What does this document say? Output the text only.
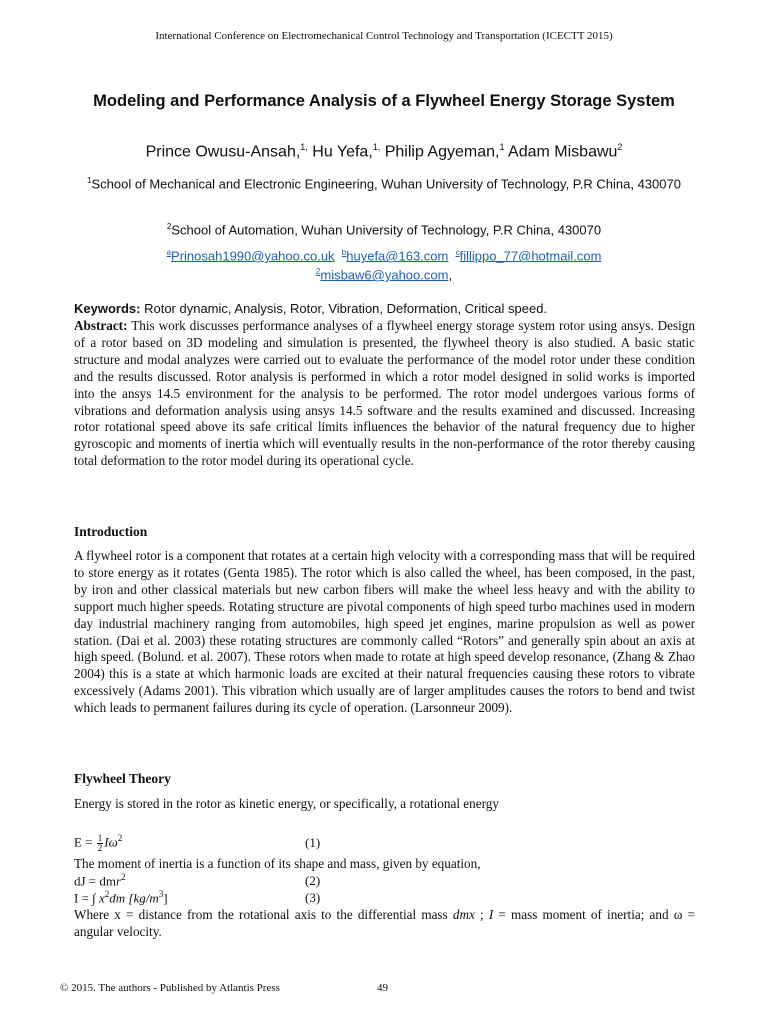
International Conference on Electromechanical Control Technology and Transportation (ICECTT 2015)
Modeling and Performance Analysis of a Flywheel Energy Storage System
Prince Owusu-Ansah,$^{1,}$ Hu Yefa,$^{1,}$ Philip Agyeman,$^1$ Adam Misbawu$^2$
$^1$School of Mechanical and Electronic Engineering, Wuhan University of Technology, P.R China, 430070
$^2$School of Automation, Wuhan University of Technology, P.R China, 430070
$^a$Prinosah1990@yahoo.co.uk $^b$huyefa@163.com $^c$fillippo_77@hotmail.com
$^2$misbaw6@yahoo.com,
Keywords: Rotor dynamic, Analysis, Rotor, Vibration, Deformation, Critical speed.
Abstract: This work discusses performance analyses of a flywheel energy storage system rotor using ansys. Design of a rotor based on 3D modeling and simulation is presented, the flywheel theory is also studied. A basic static structure and modal analyzes were carried out to evaluate the performance of the model rotor under these condition and the results discussed. Rotor analysis is performed in which a rotor model designed in solid works is imported into the ansys 14.5 environment for the analysis to be performed. The rotor model undergoes various forms of vibrations and deformation analysis using ansys 14.5 software and the results examined and discussed. Increasing rotor rotational speed above its safe critical limits influences the behavior of the natural frequency due to higher gyroscopic and moments of inertia which will eventually results in the non-performance of the rotor thereby causing total deformation to the rotor model during its operational cycle.
Introduction
A flywheel rotor is a component that rotates at a certain high velocity with a corresponding mass that will be required to store energy as it rotates (Genta 1985). The rotor which is also called the wheel, has been composed, in the past, by iron and other classical materials but new carbon fibers will make the wheel less heavy and with the ability to support much higher speeds. Rotating structure are pivotal components of high speed turbo machines used in modern day industrial machinery ranging from automobiles, high speed jet engines, marine propulsion as well as power station. (Dai et al. 2003) these rotating structures are commonly called “Rotors” and generally spin about an axis at high speed. (Bolund. et al. 2007). These rotors when made to rotate at high speed develop resonance, (Zhang & Zhao 2004) this is a state at which harmonic loads are excited at their natural frequencies causing these rotors to vibrate excessively (Adams 2001). This vibration which usually are of larger amplitudes causes the rotors to bend and twist which leads to permanent failures during its cycle of operation. (Larsonneur 2009).
Flywheel Theory
Energy is stored in the rotor as kinetic energy, or specifically, a rotational energy
$E = \frac{1}{2} I\omega^2$	(1)
The moment of inertia is a function of its shape and mass, given by equation,
dJ = dmr$^2$	(2)
I = ∫ $x^2dm$ $[kg/m^3]$	(3)
Where x = distance from the rotational axis to the differential mass dmx ; I = mass moment of inertia; and ω = angular velocity.
© 2015. The authors - Published by Atlantis Press	49
